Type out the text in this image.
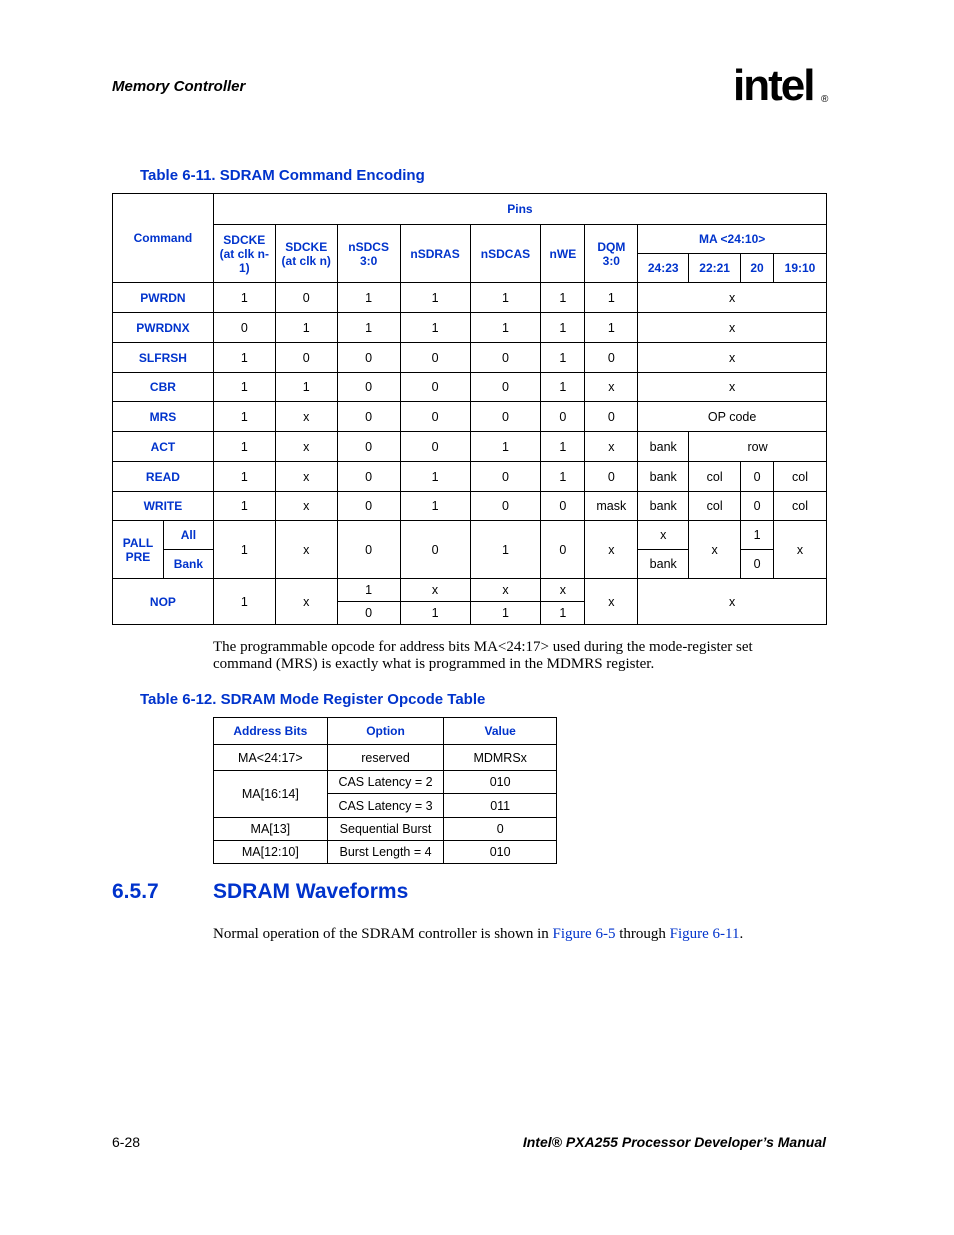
Memory Controller	intel ®
Table 6-11. SDRAM Command Encoding
Command		Pins										
		SDCKE (at clk n-1)	SDCKE (at clk n)	nSDCS 3:0	nSDRAS	nSDCAS	nWE	DQM 3:0	MA <24:10>			
									24:23	22:21	20	19:10
PWRDN		1	0	1	1	1	1	1	x			
PWRDNX		0	1	1	1	1	1	1	x			
SLFRSH		1	0	0	0	0	1	0	x			
CBR		1	1	0	0	0	1	x	x			
MRS		1	x	0	0	0	0	0	OP code			
ACT		1	x	0	0	1	1	x	bank	row		
READ		1	x	0	1	0	1	0	bank	col	0	col
WRITE		1	x	0	1	0	0	mask	bank	col	0	col
PALL PRE	All	1	x	0	0	1	0	x	x	x	1	x
	Bank								bank		0	
NOP		1	x	1	x	x	x	x	x			
				0	1	1	1					
The programmable opcode for address bits MA<24:17> used during the mode-register set command (MRS) is exactly what is programmed in the MDMRS register.
Table 6-12. SDRAM Mode Register Opcode Table
Address Bits	Option	Value
MA<24:17>	reserved	MDMRSx
MA[16:14]	CAS Latency = 2	010
	CAS Latency = 3	011
MA[13]	Sequential Burst	0
MA[12:10]	Burst Length = 4	010
6.5.7	SDRAM Waveforms
Normal operation of the SDRAM controller is shown in Figure 6-5 through Figure 6-11.
6-28	Intel® PXA255 Processor Developer’s Manual
